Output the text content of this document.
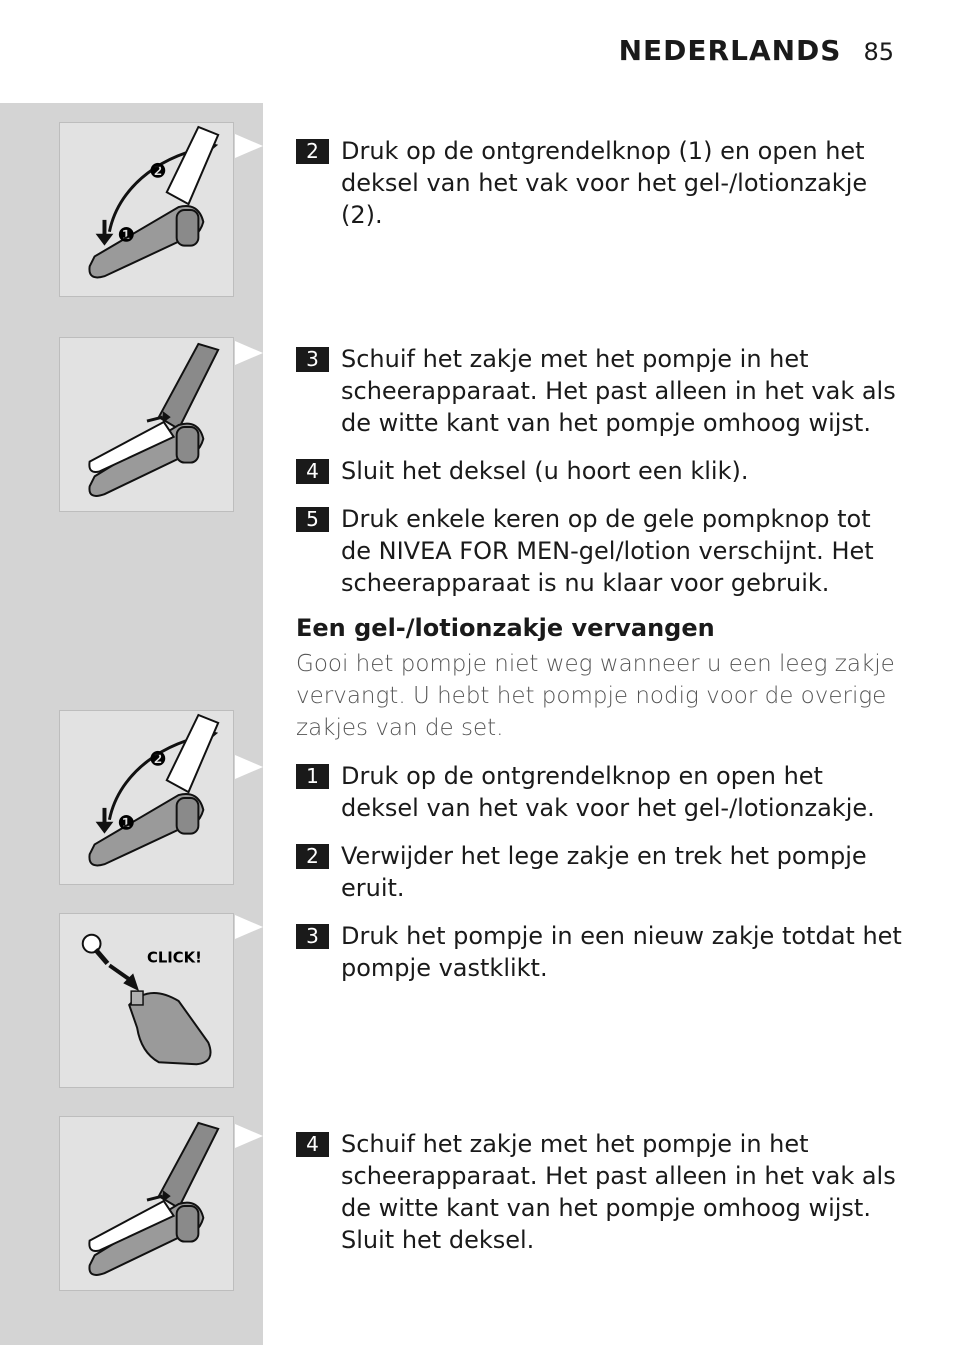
NEDERLANDS 85
❶
❷
❶
❷
CLICK!
2 Druk op de ontgrendelknop (1) en open het deksel van het vak voor het gel-/lotionzakje (2).
3 Schuif het zakje met het pompje in het scheerapparaat. Het past alleen in het vak als de witte kant van het pompje omhoog wijst.
4 Sluit het deksel (u hoort een klik).
5 Druk enkele keren op de gele pompknop tot de NIVEA FOR MEN-gel/lotion verschijnt. Het scheerapparaat is nu klaar voor gebruik.
Een gel-/lotionzakje vervangen
Gooi het pompje niet weg wanneer u een leeg zakje vervangt. U hebt het pompje nodig voor de overige zakjes van de set.
1 Druk op de ontgrendelknop en open het deksel van het vak voor het gel-/lotionzakje.
2 Verwijder het lege zakje en trek het pompje eruit.
3 Druk het pompje in een nieuw zakje totdat het pompje vastklikt.
4 Schuif het zakje met het pompje in het scheerapparaat. Het past alleen in het vak als de witte kant van het pompje omhoog wijst. Sluit het deksel.
